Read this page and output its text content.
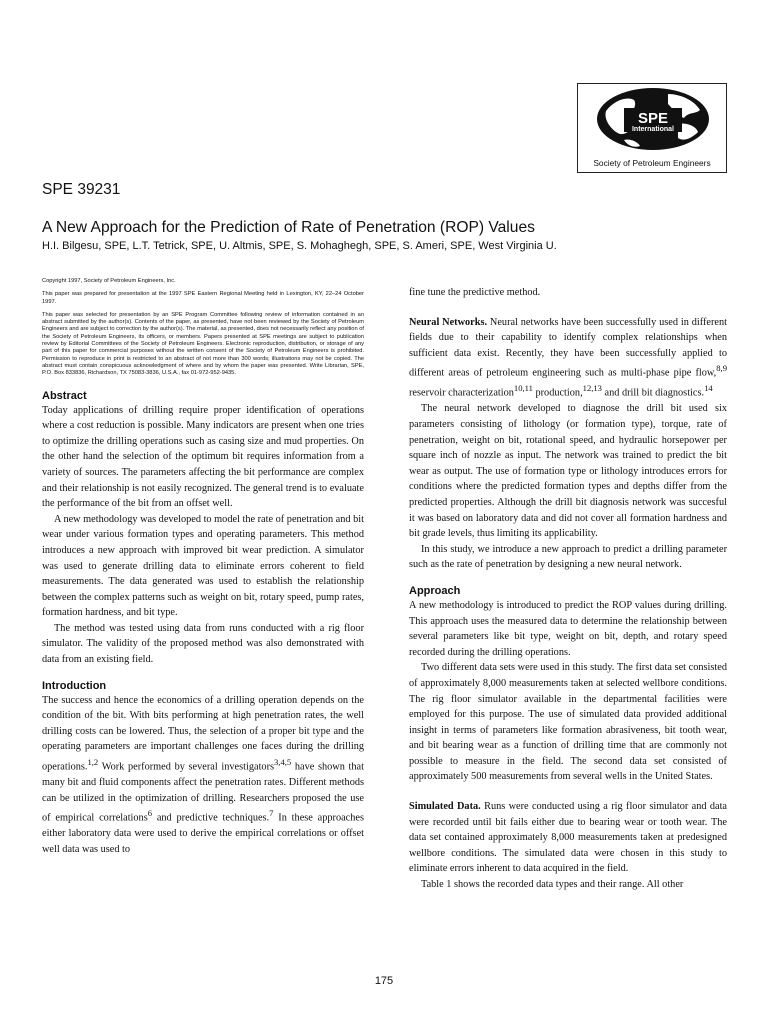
SPE
International
Society of Petroleum Engineers
SPE 39231
A New Approach for the Prediction of Rate of Penetration (ROP) Values
H.I. Bilgesu, SPE, L.T. Tetrick, SPE, U. Altmis, SPE, S. Mohaghegh, SPE, S. Ameri, SPE, West Virginia U.

Copyright 1997, Society of Petroleum Engineers, Inc.

This paper was prepared for presentation at the 1997 SPE Eastern Regional Meeting held in Lexington, KY, 22–24 October 1997.

This paper was selected for presentation by an SPE Program Committee following review of information contained in an abstract submitted by the author(s). Contents of the paper, as presented, have not been reviewed by the Society of Petroleum Engineers and are subject to correction by the author(s). The material, as presented, does not necessarily reflect any position of the Society of Petroleum Engineers, its officers, or members. Papers presented at SPE meetings are subject to publication review by Editorial Committees of the Society of Petroleum Engineers. Electronic reproduction, distribution, or storage of any part of this paper for commercial purposes without the written consent of the Society of Petroleum Engineers is prohibited. Permission to reproduce in print is restricted to an abstract of not more than 300 words; illustrations may not be copied. The abstract must contain conspicuous acknowledgment of where and by whom the paper was presented. Write Librarian, SPE, P.O. Box 833836, Richardson, TX 75083-3836, U.S.A., fax 01-972-952-9435.

Abstract

Today applications of drilling require proper identification of operations where a cost reduction is possible. Many indicators are present when one tries to optimize the drilling operations such as casing size and mud properties. On the other hand the selection of the optimum bit requires information from a variety of sources. The parameters affecting the bit performance are complex and their relationship is not easily recognized. The general trend is to evaluate the performance of the bit from an offset well.

A new methodology was developed to model the rate of penetration and bit wear under various formation types and operating parameters. This method introduces a new approach with improved bit wear prediction. A simulator was used to generate drilling data to eliminate errors coherent to field measurements. The data generated was used to establish the relationship between the complex patterns such as weight on bit, rotary speed, pump rates, formation hardness, and bit type.

The method was tested using data from runs conducted with a rig floor simulator. The validity of the proposed method was also demonstrated with data from an existing field.

Introduction

The success and hence the economics of a drilling operation depends on the condition of the bit. With bits performing at high penetration rates, the well drilling costs can be lowered. Thus, the selection of a proper bit type and the operating parameters are important challenges one faces during the drilling operations.$^{1,2}$ Work performed by several investigators$^{3,4,5}$ have shown that many bit and fluid components affect the penetration rates. Different methods can be utilized in the optimization of drilling. Researchers proposed the use of empirical correlations$^6$ and predictive techniques.$^7$ In these approaches either laboratory data were used to derive the empirical correlations or offset well data was used to

fine tune the predictive method.

Neural Networks. Neural networks have been successfully used in different fields due to their capability to identify complex relationships when sufficient data exist. Recently, they have been successfully applied to different areas of petroleum engineering such as multi-phase pipe flow,$^{8,9}$ reservoir characterization$^{10,11}$ production,$^{12,13}$ and drill bit diagnostics.$^{14}$

The neural network developed to diagnose the drill bit used six parameters consisting of lithology (or formation type), torque, rate of penetration, weight on bit, rotational speed, and hydraulic horsepower per square inch of nozzle as input. The network was trained to predict the bit wear as output. The use of formation type or lithology introduces errors for conditions where the predicted formation types and depths differ from the predicted properties. Although the drill bit diagnosis network was succesful it was based on laboratory data and did not cover all formation hardness and bit grade levels, thus limiting its applicability.

In this study, we introduce a new approach to predict a drilling parameter such as the rate of penetration by designing a new neural network.

Approach

A new methodology is introduced to predict the ROP values during drilling. This approach uses the measured data to determine the relationship between several parameters like bit type, weight on bit, depth, and rotary speed recorded during the drilling operations.

Two different data sets were used in this study. The first data set consisted of approximately 8,000 measurements taken at selected wellbore conditions. The rig floor simulator available in the departmental facilities were employed for this purpose. The use of simulated data provided additional insight in terms of parameters like formation abrasiveness, bit tooth wear, and bit bearing wear as a function of drilling time that are commonly not possible to measure in the field. The second data set consisted of approximately 500 measurements from several wells in the United States.

Simulated Data. Runs were conducted using a rig floor simulator and data were recorded until bit fails either due to bearing wear or tooth wear. The data set contained approximately 8,000 measurements taken at predesigned wellbore conditions. The simulated data were chosen in this study to eliminate errors inherent to data acquired in the field.

Table 1 shows the recorded data types and their range. All other

175
